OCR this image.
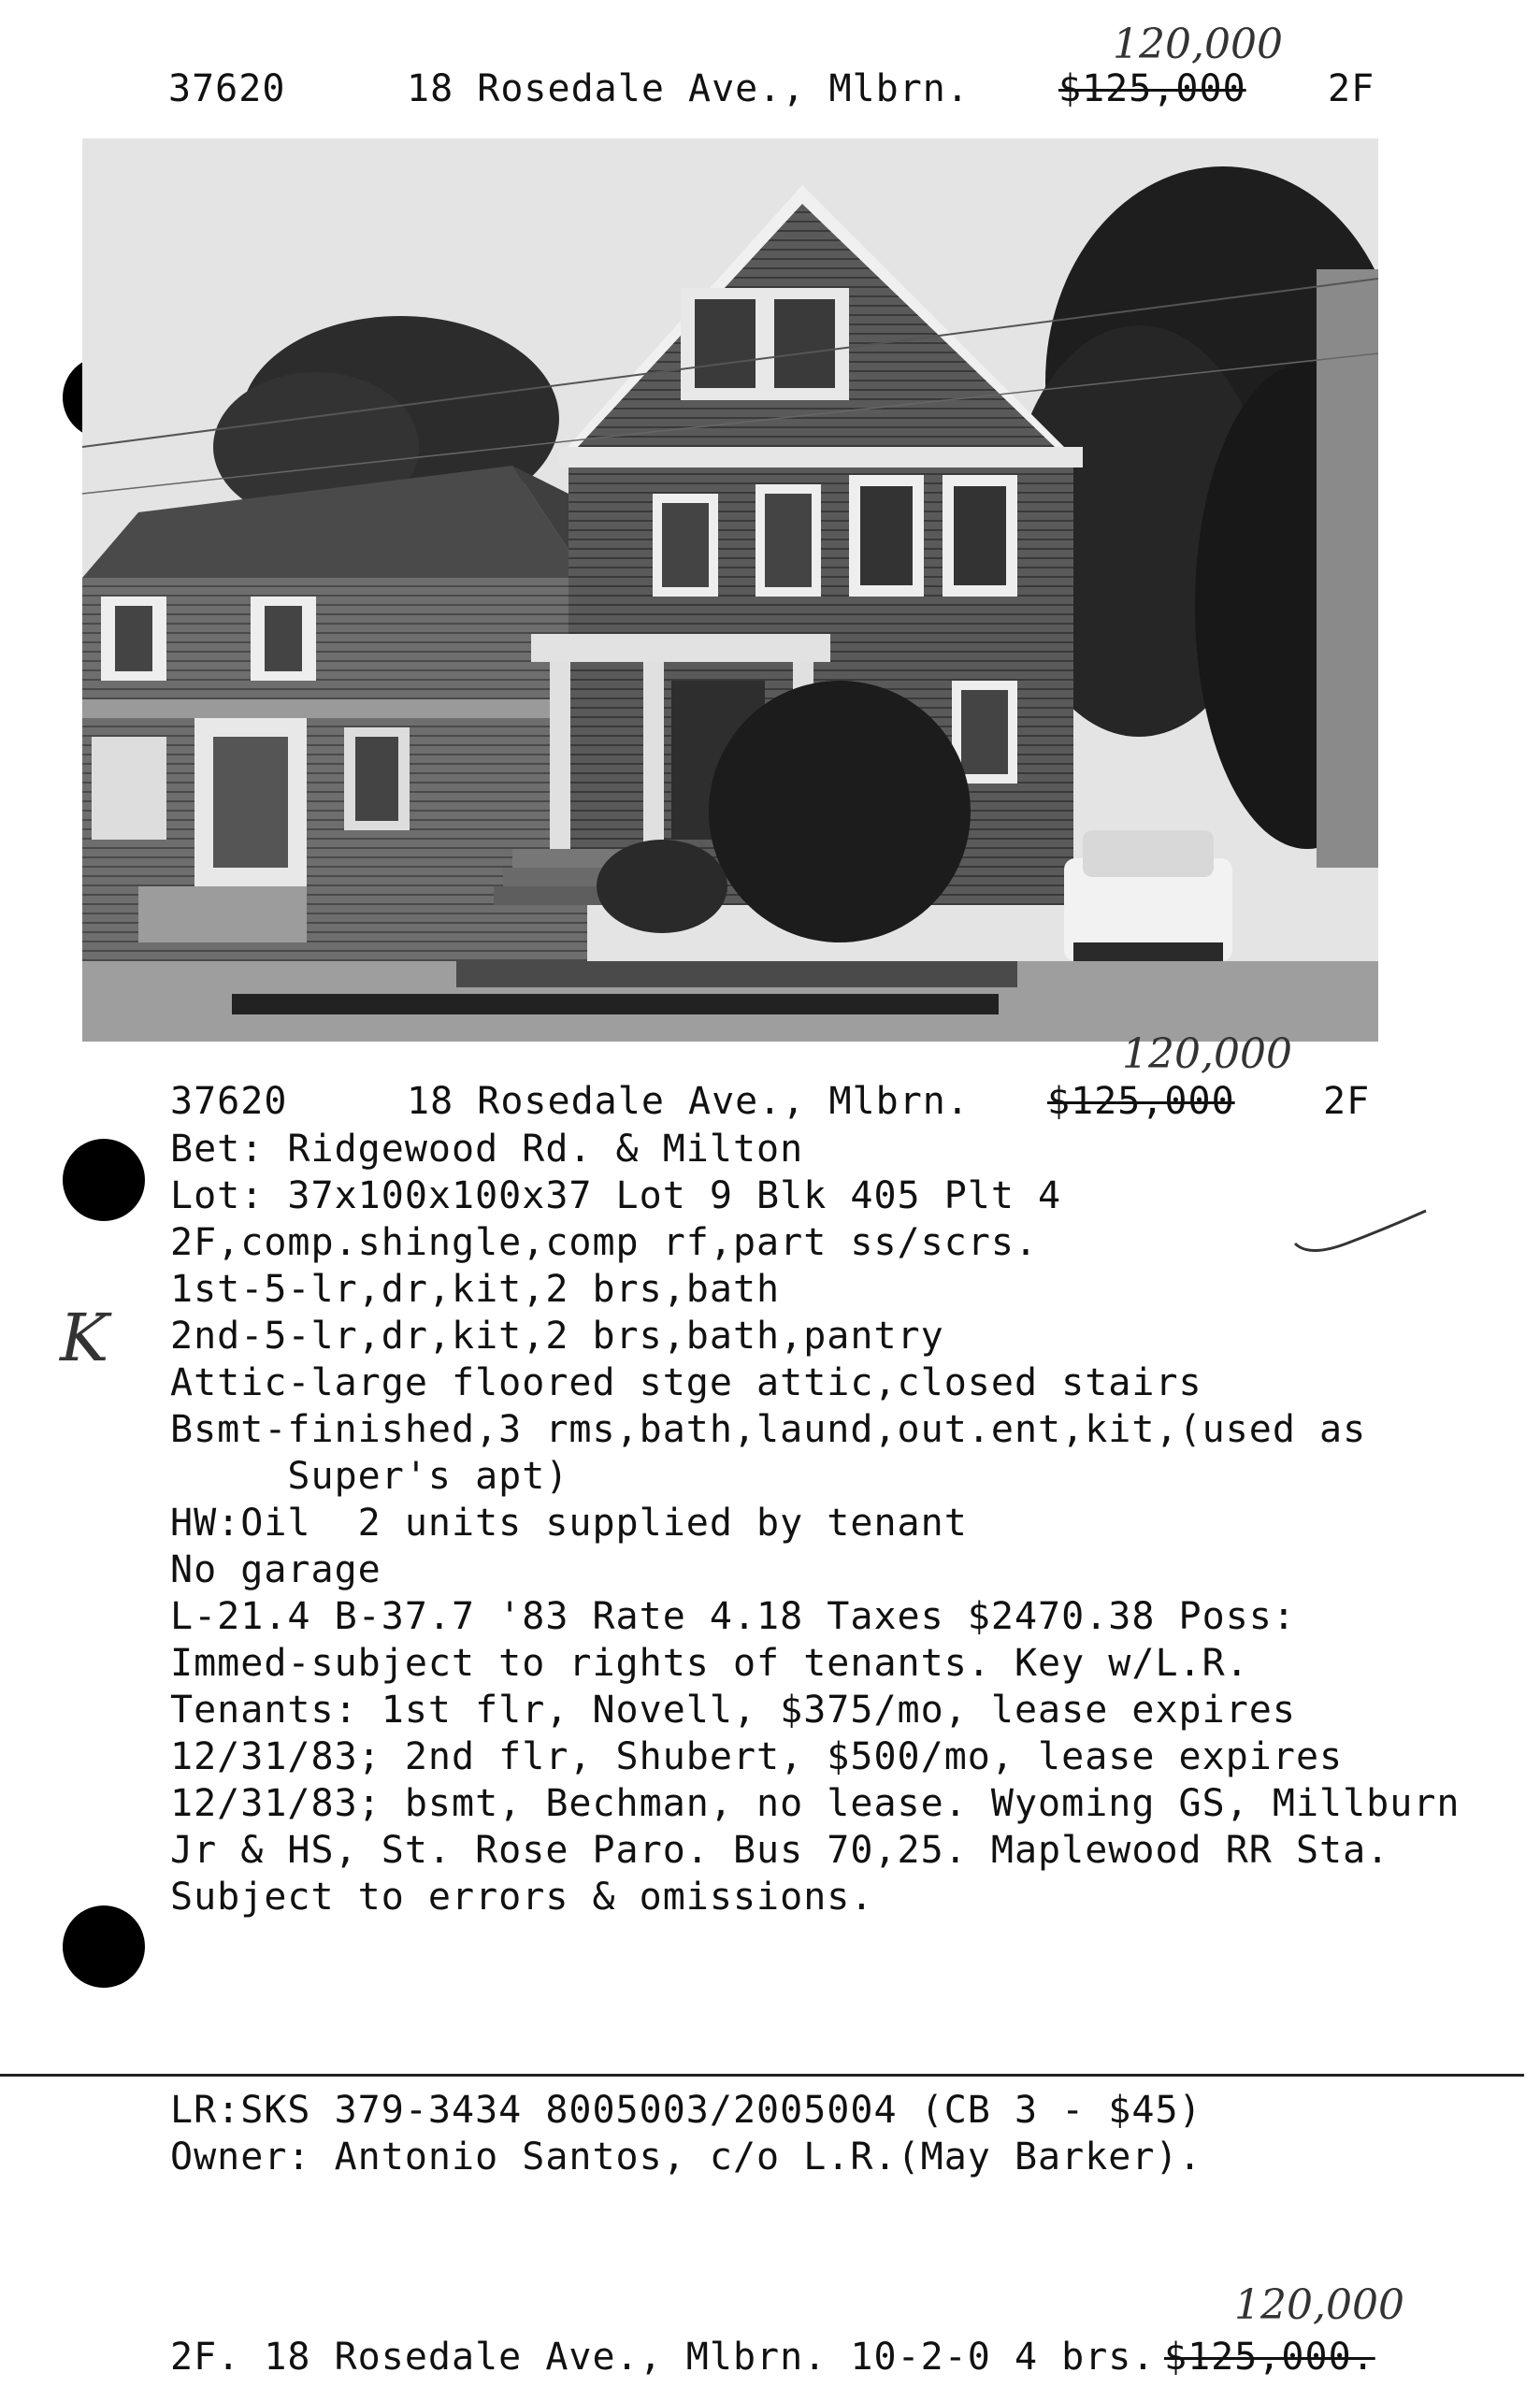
37620	18 Rosedale Ave., Mlbrn. $125,000
120,000
2F
37620	18 Rosedale Ave., Mlbrn. $125,000
120,000
2F
Bet: Ridgewood Rd. & Milton
Lot: 37x100x100x37 Lot 9 Blk 405 Plt 4
2F,comp.shingle,comp rf,part ss/scrs.
1st-5-lr,dr,kit,2 brs,bath
2nd-5-lr,dr,kit,2 brs,bath,pantry
Attic-large floored stge attic,closed stairs
Bsmt-finished,3 rms,bath,laund,out.ent,kit,(used as
Super's apt)
HW:Oil  2 units supplied by tenant
No garage
L-21.4 B-37.7 '83 Rate 4.18 Taxes $2470.38 Poss:
Immed-subject to rights of tenants. Key w/L.R.
Tenants: 1st flr, Novell, $375/mo, lease expires
12/31/83; 2nd flr, Shubert, $500/mo, lease expires
12/31/83; bsmt, Bechman, no lease. Wyoming GS, Millburn
Jr & HS, St. Rose Paro. Bus 70,25. Maplewood RR Sta.
Subject to errors & omissions.
K
LR:SKS 379-3434 8005003/2005004 (CB 3 - $45)
Owner: Antonio Santos, c/o L.R.(May Barker).
2F. 18 Rosedale Ave., Mlbrn. 10-2-0 4 brs. $125,000.
120,000
